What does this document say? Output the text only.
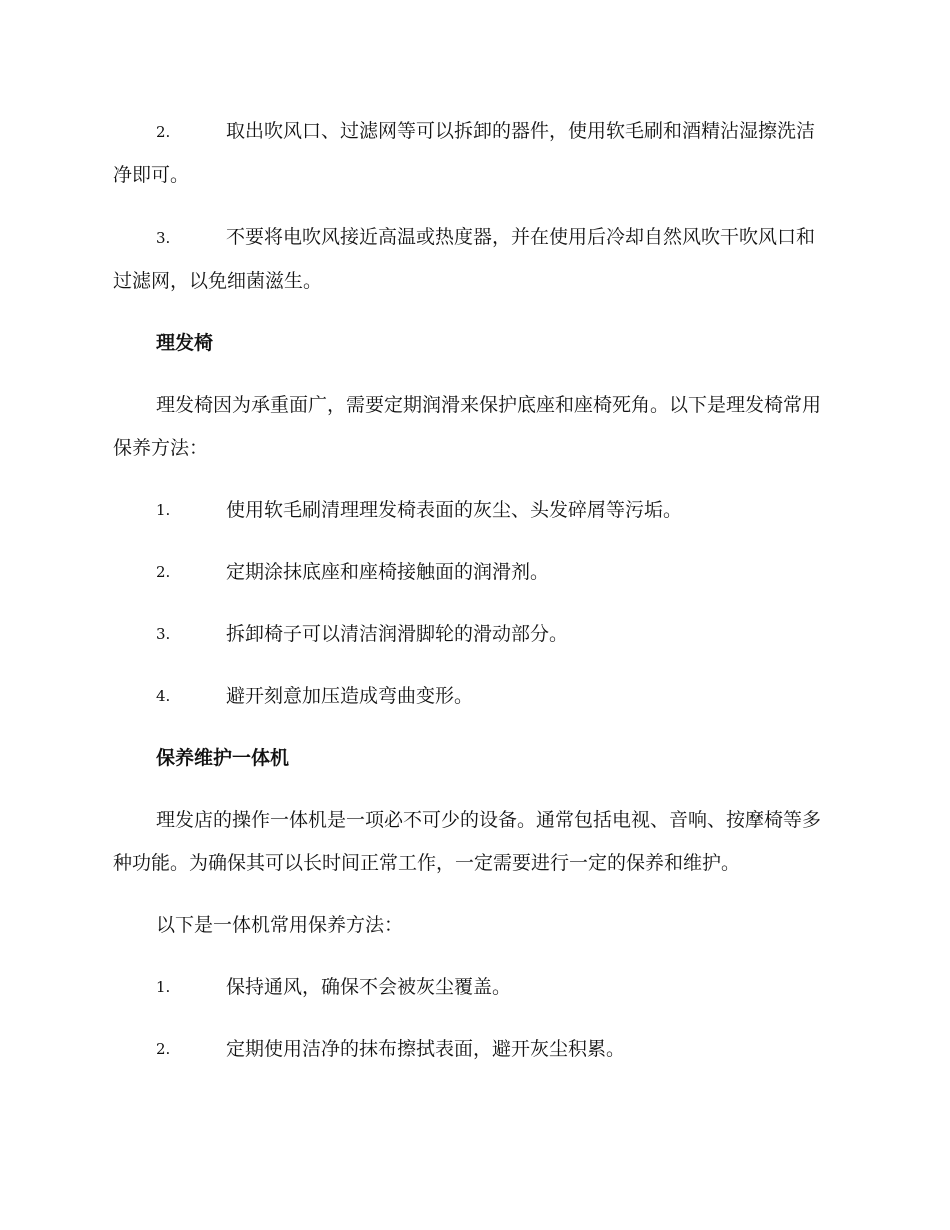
2.	取出吹风口、过滤网等可以拆卸的器件，使用软毛刷和酒精沾湿擦洗洁净即可。
3.	不要将电吹风接近高温或热度器，并在使用后冷却自然风吹干吹风口和过滤网，以免细菌滋生。
理发椅
理发椅因为承重面广，需要定期润滑来保护底座和座椅死角。以下是理发椅常用保养方法：
1.	使用软毛刷清理理发椅表面的灰尘、头发碎屑等污垢。
2.	定期涂抹底座和座椅接触面的润滑剂。
3.	拆卸椅子可以清洁润滑脚轮的滑动部分。
4.	避开刻意加压造成弯曲变形。
保养维护一体机
理发店的操作一体机是一项必不可少的设备。通常包括电视、音响、按摩椅等多种功能。为确保其可以长时间正常工作，一定需要进行一定的保养和维护。
以下是一体机常用保养方法：
1.	保持通风，确保不会被灰尘覆盖。
2.	定期使用洁净的抹布擦拭表面，避开灰尘积累。
